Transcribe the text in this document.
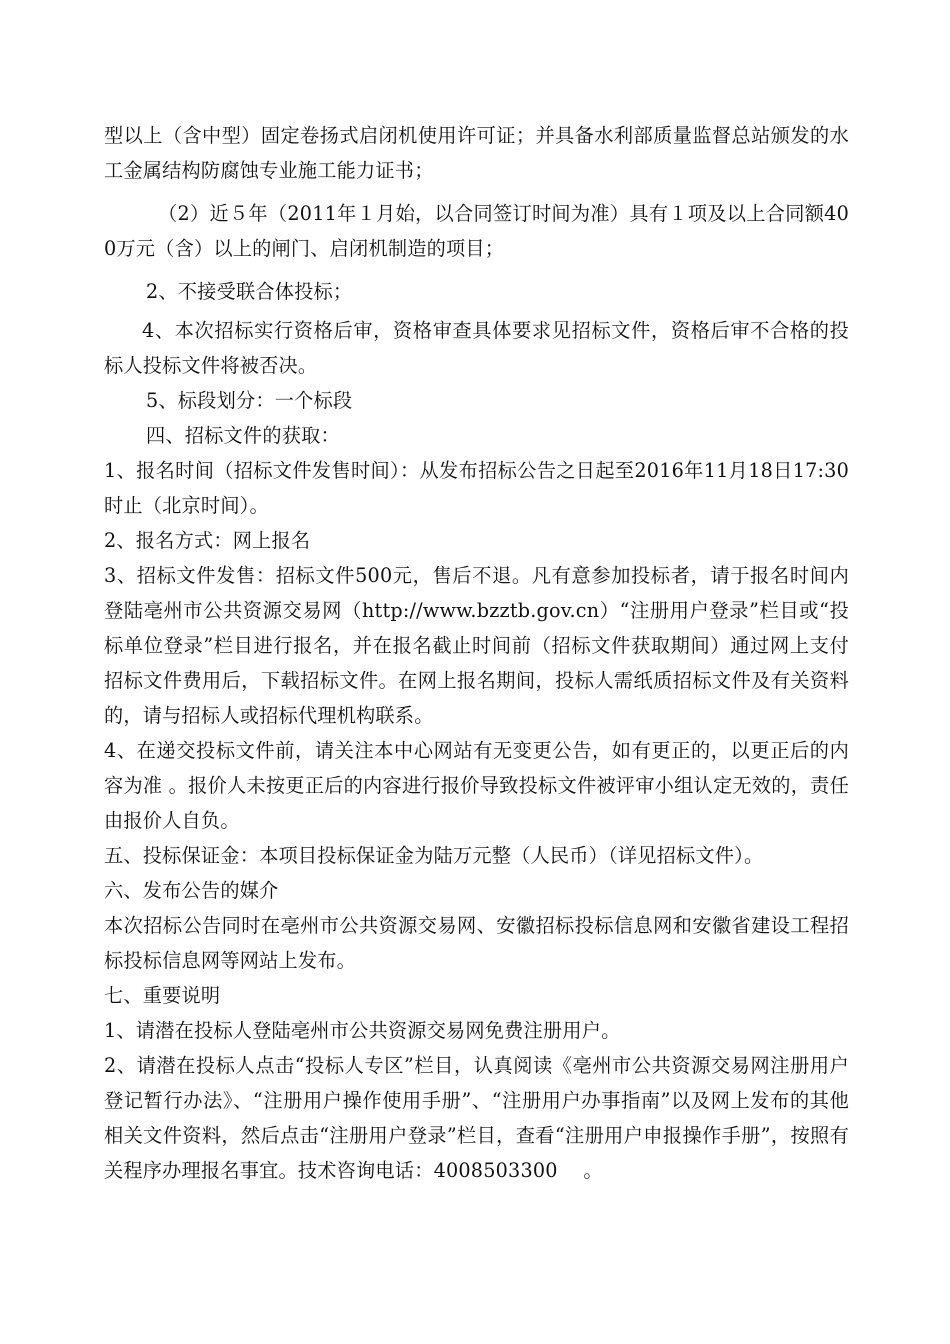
型以上（含中型）固定卷扬式启闭机使用许可证；并具备水利部质量监督总站颁发的水工金属结构防腐蚀专业施工能力证书；

（2）近５年（2011年１月始，以合同签订时间为准）具有１项及以上合同额400万元（含）以上的闸门、启闭机制造的项目；

2、不接受联合体投标；

4、本次招标实行资格后审，资格审查具体要求见招标文件，资格后审不合格的投标人投标文件将被否决。

5、标段划分：一个标段

四、招标文件的获取：

1、报名时间（招标文件发售时间）：从发布招标公告之日起至2016年11月18日17:30时止（北京时间）。

2、报名方式：网上报名

3、招标文件发售：招标文件500元，售后不退。凡有意参加投标者，请于报名时间内登陆亳州市公共资源交易网（http://www.bzztb.gov.cn）“注册用户登录”栏目或“投标单位登录”栏目进行报名，并在报名截止时间前（招标文件获取期间）通过网上支付招标文件费用后，下载招标文件。在网上报名期间，投标人需纸质招标文件及有关资料的，请与招标人或招标代理机构联系。

4、在递交投标文件前，请关注本中心网站有无变更公告，如有更正的，以更正后的内容为准 。报价人未按更正后的内容进行报价导致投标文件被评审小组认定无效的，责任由报价人自负。

五、投标保证金：本项目投标保证金为陆万元整（人民币）（详见招标文件）。

六、发布公告的媒介

本次招标公告同时在亳州市公共资源交易网、安徽招标投标信息网和安徽省建设工程招标投标信息网等网站上发布。

七、重要说明

1、请潜在投标人登陆亳州市公共资源交易网免费注册用户。

2、请潜在投标人点击“投标人专区”栏目，认真阅读《亳州市公共资源交易网注册用户登记暂行办法》、“注册用户操作使用手册”、“注册用户办事指南”以及网上发布的其他相关文件资料，然后点击“注册用户登录”栏目，查看“注册用户申报操作手册”，按照有关程序办理报名事宜。技术咨询电话：4008503300　 。
